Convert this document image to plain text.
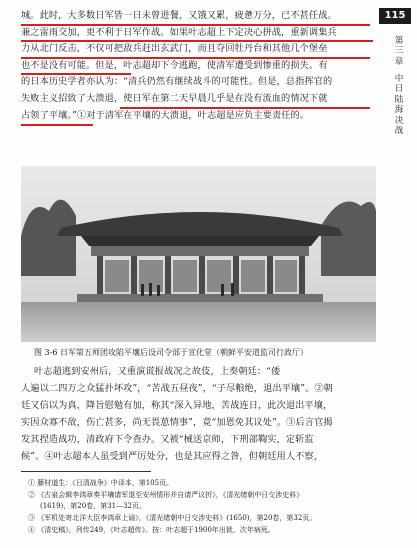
115
第三章
中日陆海决战
城。此时，大多数日军皆一日未曾进餐，又饿又累，疲惫万分，已不甚任战。
兼之雷雨交加，更不利于日军作战。如果叶志超上下定决心拼战，重新调集兵
力从北门反击，不仅可把敌兵赶出玄武门，而且夺回牡丹台和其他几个堡垒
也不是没有可能。但是，叶志超却下令逃跑，使清军遭受到惨重的损失。有
的日本历史学者亦认为：“清兵仍然有继续战斗的可能性。但是，总指挥官的
失败主义招致了大溃退，使日军在第二天早晨几乎是在没有流血的情况下就
占领了平壤。”①对于清军在平壤的大溃退，叶志超是应负主要责任的。
图 3-6 日军第五师团攻陷平壤后设司令部于宣化堂（朝鲜平安道监司行政厅）
叶志超逃到安州后，又重演谎报战况之故伎，上奏朝廷：“倭
人遍以二四万之众猛扑坏攻”，“苦战五昼夜”，“子尽粮绝，退出平壤”。②朝
廷又信以为真，降旨慰勉有加，称其“深入异地，苦战连日，此次退出平壤，
实因众寡不敌，伤亡甚多，尚无畏葸情事”，竟“加恩免其议处”。③后言官揭
发其捏造战功，清政府下令查办。又被“械送京师，下刑部鞫实，定斩监
候”。④叶志超本人虽受到严厉处分，也是其应得之咎，但朝廷用人不察，
① 藤村道生：《日清战争》中译本，第105页。
② 《古泉会辑李鸿章奏平壤请军退至安州情形并自请严议折》，《清光绪朝中日交涉史料》
(1619)，第20卷，第31—32页。
③ 《军机处寄北洋大臣李鸿章上谕》，《清光绪朝中日交涉史料》(1650)，第20卷，第32页。
④ 《清史稿》，列传249，《叶志超传》。按：叶志超于1900年出狱，次年病死。
